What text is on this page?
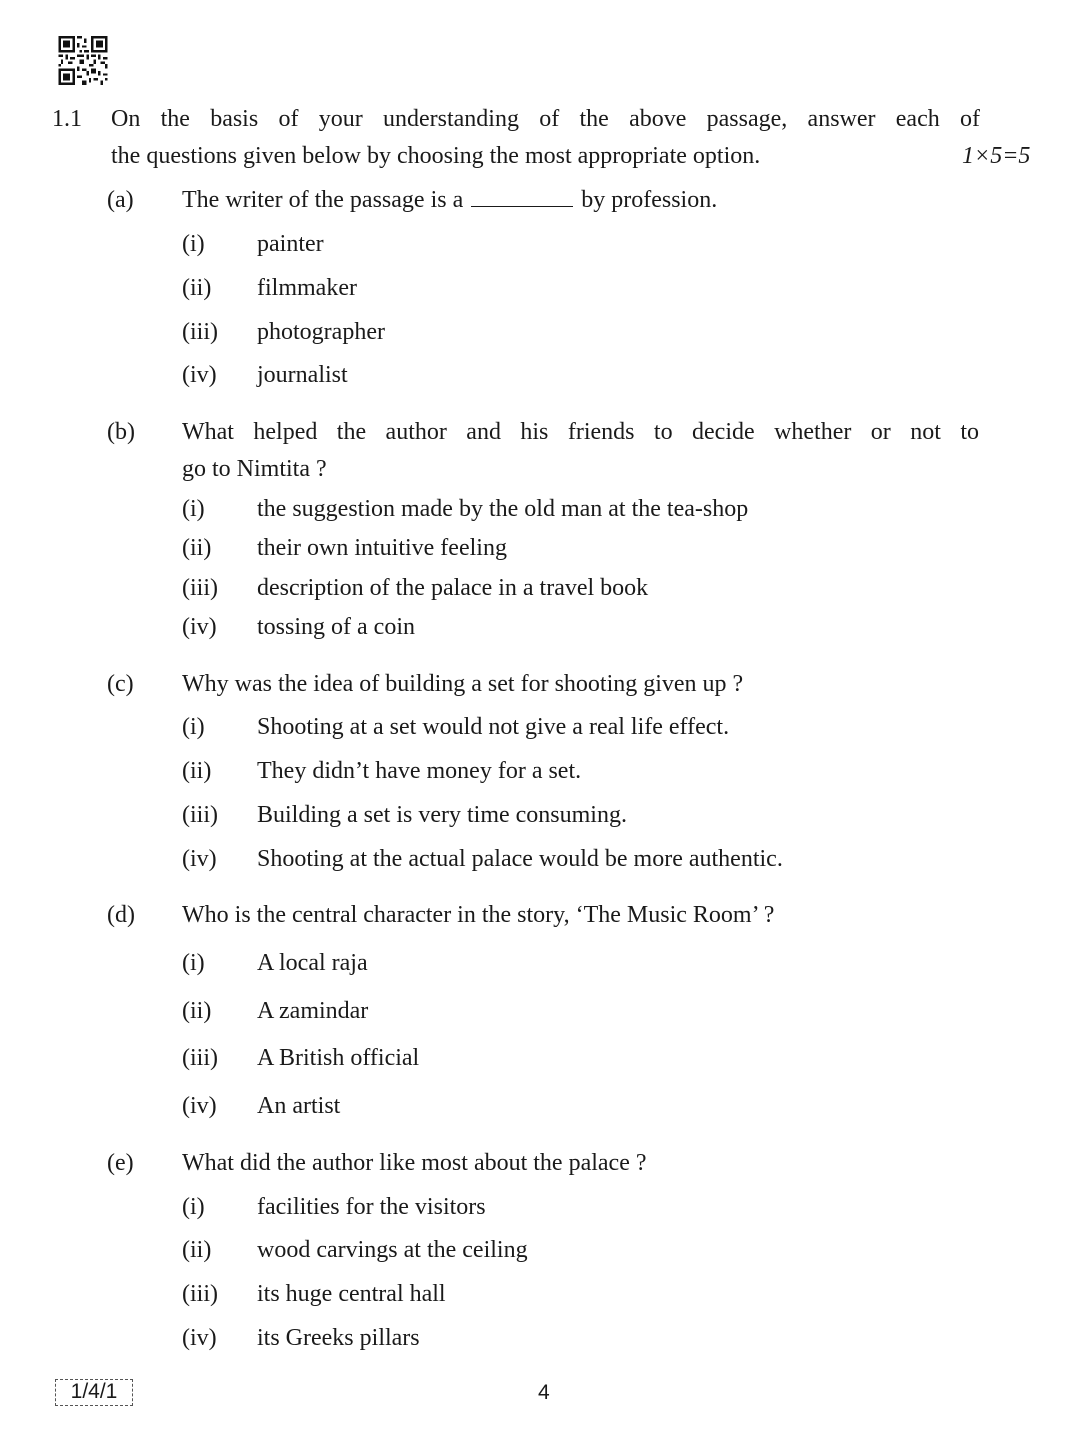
1.1 On the basis of your understanding of the above passage, answer each of
the questions given below by choosing the most appropriate option.	1×5=5
(a) The writer of the passage is a	by profession.
(i) painter
(ii) filmmaker
(iii) photographer
(iv) journalist
(b) What helped the author and his friends to decide whether or not to
go to Nimtita ?
(i) the suggestion made by the old man at the tea-shop
(ii) their own intuitive feeling
(iii) description of the palace in a travel book
(iv) tossing of a coin
(c) Why was the idea of building a set for shooting given up ?
(i) Shooting at a set would not give a real life effect.
(ii) They didn’t have money for a set.
(iii) Building a set is very time consuming.
(iv) Shooting at the actual palace would be more authentic.
(d) Who is the central character in the story, ‘The Music Room’ ?
(i) A local raja
(ii) A zamindar
(iii) A British official
(iv) An artist
(e) What did the author like most about the palace ?
(i) facilities for the visitors
(ii) wood carvings at the ceiling
(iii) its huge central hall
(iv) its Greeks pillars
1/4/1	4
